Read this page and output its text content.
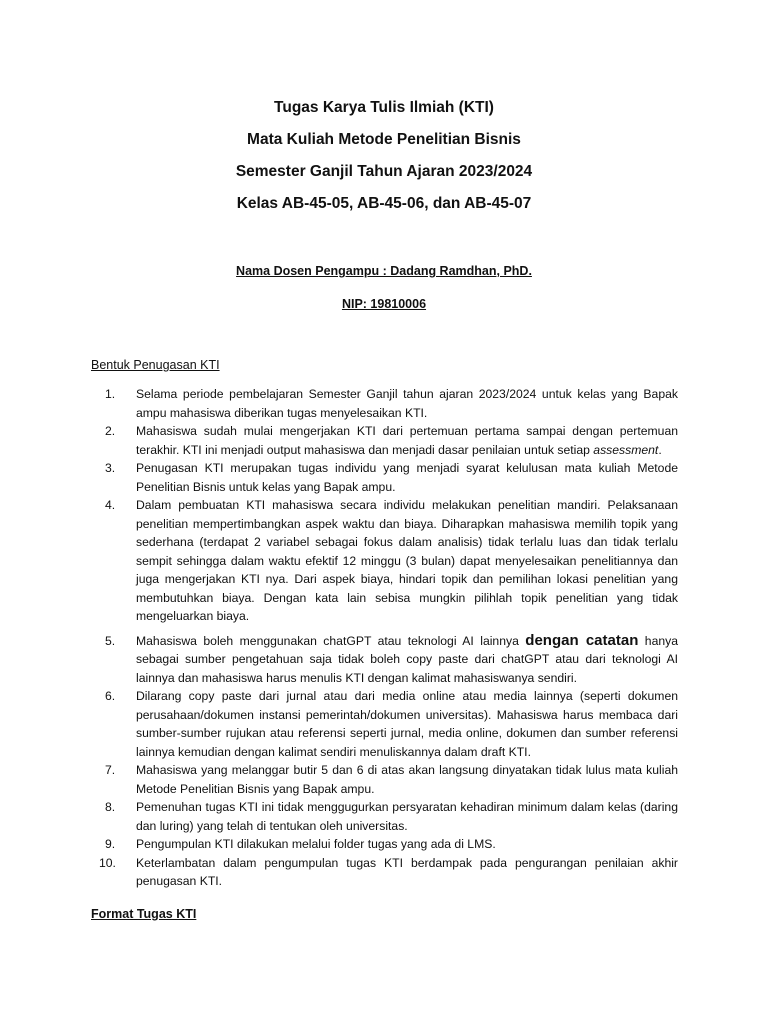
Tugas Karya Tulis Ilmiah (KTI)

Mata Kuliah Metode Penelitian Bisnis

Semester Ganjil Tahun Ajaran 2023/2024

Kelas AB-45-05, AB-45-06, dan AB-45-07

Nama Dosen Pengampu : Dadang Ramdhan, PhD.

NIP: 19810006

Bentuk Penugasan KTI

1. Selama periode pembelajaran Semester Ganjil tahun ajaran 2023/2024 untuk kelas yang Bapak ampu mahasiswa diberikan tugas menyelesaikan KTI.
2. Mahasiswa sudah mulai mengerjakan KTI dari pertemuan pertama sampai dengan pertemuan terakhir. KTI ini menjadi output mahasiswa dan menjadi dasar penilaian untuk setiap assessment.
3. Penugasan KTI merupakan tugas individu yang menjadi syarat kelulusan mata kuliah Metode Penelitian Bisnis untuk kelas yang Bapak ampu.
4. Dalam pembuatan KTI mahasiswa secara individu melakukan penelitian mandiri. Pelaksanaan penelitian mempertimbangkan aspek waktu dan biaya. Diharapkan mahasiswa memilih topik yang sederhana (terdapat 2 variabel sebagai fokus dalam analisis) tidak terlalu luas dan tidak terlalu sempit sehingga dalam waktu efektif 12 minggu (3 bulan) dapat menyelesaikan penelitiannya dan juga mengerjakan KTI nya. Dari aspek biaya, hindari topik dan pemilihan lokasi penelitian yang membutuhkan biaya. Dengan kata lain sebisa mungkin pilihlah topik penelitian yang tidak mengeluarkan biaya.
5. Mahasiswa boleh menggunakan chatGPT atau teknologi AI lainnya dengan catatan hanya sebagai sumber pengetahuan saja tidak boleh copy paste dari chatGPT atau dari teknologi AI lainnya dan mahasiswa harus menulis KTI dengan kalimat mahasiswanya sendiri.
6. Dilarang copy paste dari jurnal atau dari media online atau media lainnya (seperti dokumen perusahaan/dokumen instansi pemerintah/dokumen universitas). Mahasiswa harus membaca dari sumber-sumber rujukan atau referensi seperti jurnal, media online, dokumen dan sumber referensi lainnya kemudian dengan kalimat sendiri menuliskannya dalam draft KTI.
7. Mahasiswa yang melanggar butir 5 dan 6 di atas akan langsung dinyatakan tidak lulus mata kuliah Metode Penelitian Bisnis yang Bapak ampu.
8. Pemenuhan tugas KTI ini tidak menggugurkan persyaratan kehadiran minimum dalam kelas (daring dan luring) yang telah di tentukan oleh universitas.
9. Pengumpulan KTI dilakukan melalui folder tugas yang ada di LMS.
10. Keterlambatan dalam pengumpulan tugas KTI berdampak pada pengurangan penilaian akhir penugasan KTI.

Format Tugas KTI
